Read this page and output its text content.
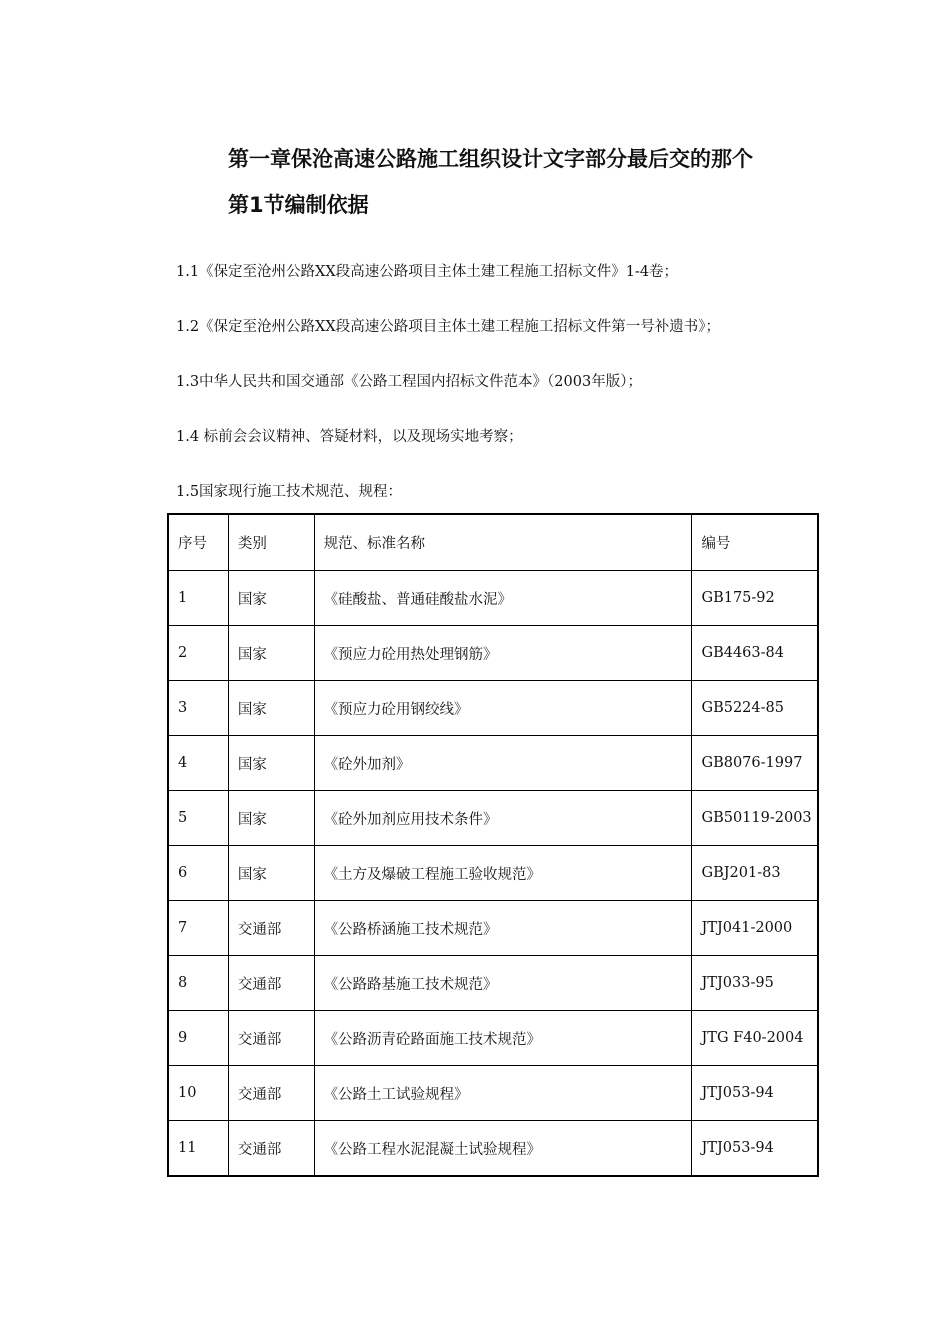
第一章保沧高速公路施工组织设计文字部分最后交的那个
第1节编制依据
1.1《保定至沧州公路XX段高速公路项目主体土建工程施工招标文件》1-4卷；
1.2《保定至沧州公路XX段高速公路项目主体土建工程施工招标文件第一号补遗书》；
1.3中华人民共和国交通部《公路工程国内招标文件范本》（2003年版）；
1.4 标前会会议精神、答疑材料，以及现场实地考察；
1.5国家现行施工技术规范、规程：
序号	类别	规范、标准名称	编号
1	国家	《硅酸盐、普通硅酸盐水泥》	GB175-92
2	国家	《预应力砼用热处理钢筋》	GB4463-84
3	国家	《预应力砼用钢绞线》	GB5224-85
4	国家	《砼外加剂》	GB8076-1997
5	国家	《砼外加剂应用技术条件》	GB50119-2003
6	国家	《土方及爆破工程施工验收规范》	GBJ201-83
7	交通部	《公路桥涵施工技术规范》	JTJ041-2000
8	交通部	《公路路基施工技术规范》	JTJ033-95
9	交通部	《公路沥青砼路面施工技术规范》	JTG F40-2004
10	交通部	《公路土工试验规程》	JTJ053-94
11	交通部	《公路工程水泥混凝土试验规程》	JTJ053-94
